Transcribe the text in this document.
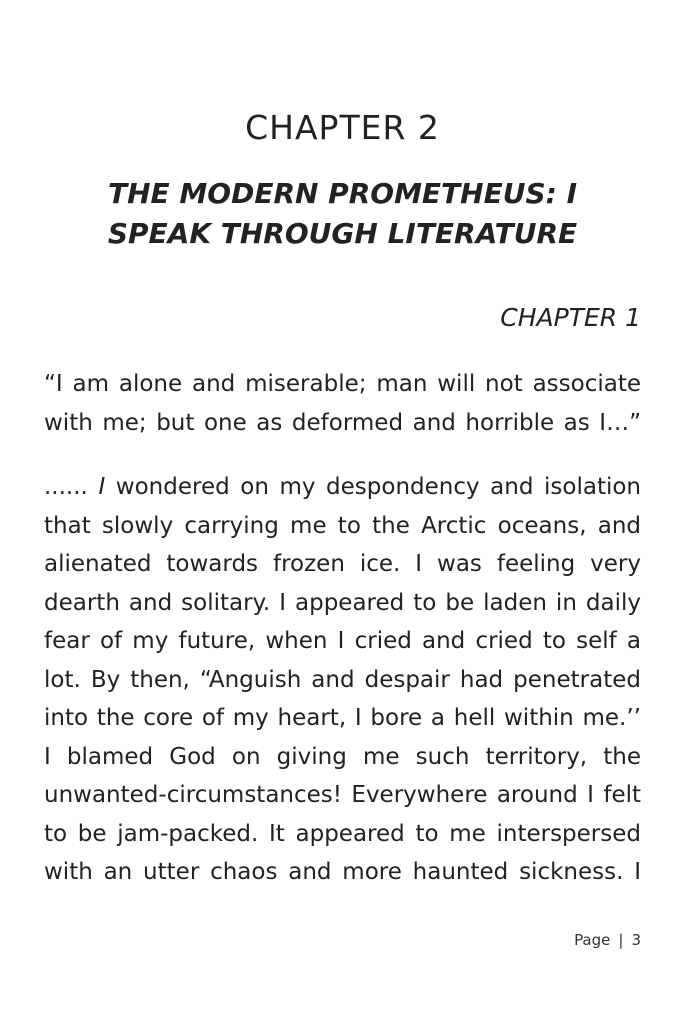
CHAPTER 2
THE MODERN PROMETHEUS: I
SPEAK THROUGH LITERATURE
CHAPTER 1

“I am alone and miserable; man will not associate
with me; but one as deformed and horrible as I…”

...... I wondered on my despondency and isolation
that slowly carrying me to the Arctic oceans, and
alienated towards frozen ice. I was feeling very
dearth and solitary. I appeared to be laden in daily
fear of my future, when I cried and cried to self a
lot. By then, “Anguish and despair had penetrated
into the core of my heart, I bore a hell within me.’’
I blamed God on giving me such territory, the
unwanted-circumstances! Everywhere around I felt
to be jam-packed. It appeared to me interspersed
with an utter chaos and more haunted sickness. I

Page | 3
